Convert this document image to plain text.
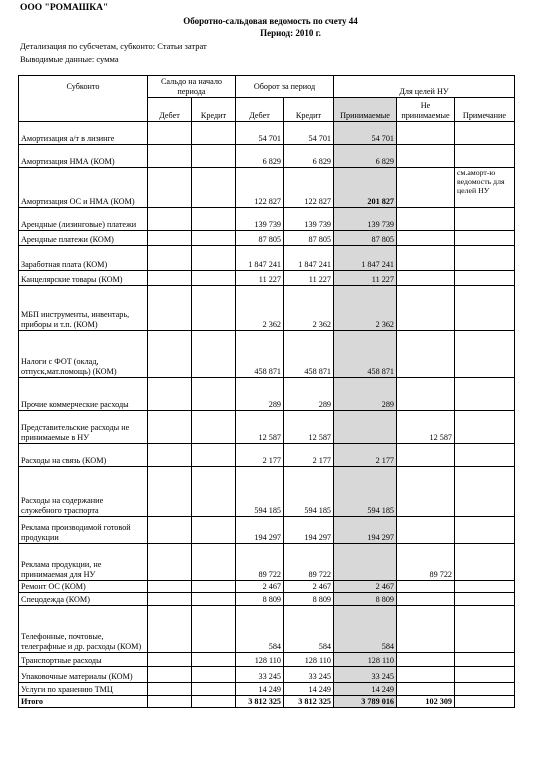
ООО "РОМАШКА"
Оборотно-сальдовая ведомость по счету 44
Период: 2010 г.
Детализация по субсчетам, субконто: Статьи затрат
Выводимые данные: сумма
Субконто	Сальдо на начало периода		Оборот за период		Для целей НУ		
	Дебет	Кредит	Дебет	Кредит	Принимаемые	Не принимаемые	Примечание
Амортизация а/т в лизинге			54 701	54 701	54 701		
Амортизация НМА (КОМ)			6 829	6 829	6 829		
Амортизация ОС и НМА (КОМ)			122 827	122 827	201 827		см.аморт-ю ведомость для целей НУ
Арендные (лизинговые) платежи			139 739	139 739	139 739		
Арендные платежи (КОМ)			87 805	87 805	87 805		
Заработная плата (КОМ)			1 847 241	1 847 241	1 847 241		
Канцелярские товары (КОМ)			11 227	11 227	11 227		
МБП инструменты, инвентарь, приборы и т.п. (КОМ)			2 362	2 362	2 362		
Налоги с ФОТ (оклад, отпуск,мат.помощь) (КОМ)			458 871	458 871	458 871		
Прочие коммерческие расходы			289	289	289		
Представительские расходы не принимаемые в НУ			12 587	12 587		12 587	
Расходы на связь (КОМ)			2 177	2 177	2 177		
Расходы на содержание служебного траспорта			594 185	594 185	594 185		
Реклама производимой готовой продукции			194 297	194 297	194 297		
Реклама продукции, не принимаемая для НУ			89 722	89 722		89 722	
Ремонт ОС (КОМ)			2 467	2 467	2 467		
Спецодежда (КОМ)			8 809	8 809	8 809		
Телефонные, почтовые, телеграфные и др. расходы (КОМ)			584	584	584		
Транспортные расходы			128 110	128 110	128 110		
Упаковочные материалы (КОМ)			33 245	33 245	33 245		
Услуги по хранению ТМЦ			14 249	14 249	14 249		
Итого			3 812 325	3 812 325	3 789 016	102 309	
